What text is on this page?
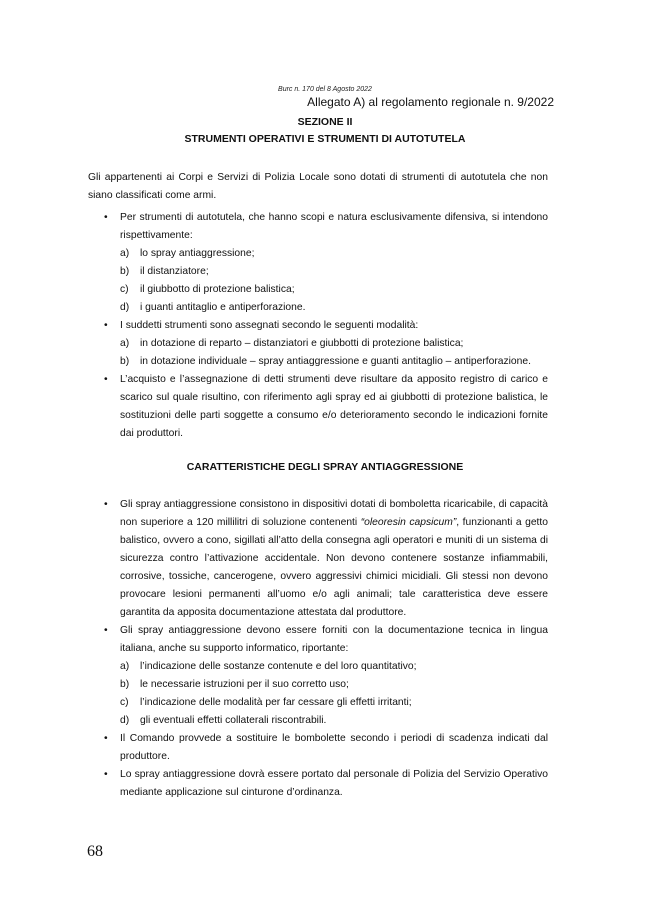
Burc n. 170 del 8 Agosto 2022
Allegato A) al regolamento regionale n. 9/2022
SEZIONE II
STRUMENTI OPERATIVI E STRUMENTI DI AUTOTUTELA
Gli appartenenti ai Corpi e Servizi di Polizia Locale sono dotati di strumenti di autotutela che non siano classificati come armi.
• Per strumenti di autotutela, che hanno scopi e natura esclusivamente difensiva, si intendono rispettivamente:
a) lo spray antiaggressione;
b) il distanziatore;
c) il giubbotto di protezione balistica;
d) i guanti antitaglio e antiperforazione.
• I suddetti strumenti sono assegnati secondo le seguenti modalità:
a) in dotazione di reparto – distanziatori e giubbotti di protezione balistica;
b) in dotazione individuale – spray antiaggressione e guanti antitaglio – antiperforazione.
• L’acquisto e l’assegnazione di detti strumenti deve risultare da apposito registro di carico e scarico sul quale risultino, con riferimento agli spray ed ai giubbotti di protezione balistica, le sostituzioni delle parti soggette a consumo e/o deterioramento secondo le indicazioni fornite dai produttori.
CARATTERISTICHE DEGLI SPRAY ANTIAGGRESSIONE
• Gli spray antiaggressione consistono in dispositivi dotati di bomboletta ricaricabile, di capacità non superiore a 120 millilitri di soluzione contenenti “oleoresin capsicum”, funzionanti a getto balistico, ovvero a cono, sigillati all’atto della consegna agli operatori e muniti di un sistema di sicurezza contro l’attivazione accidentale. Non devono contenere sostanze infiammabili, corrosive, tossiche, cancerogene, ovvero aggressivi chimici micidiali. Gli stessi non devono provocare lesioni permanenti all’uomo e/o agli animali; tale caratteristica deve essere garantita da apposita documentazione attestata dal produttore.
• Gli spray antiaggressione devono essere forniti con la documentazione tecnica in lingua italiana, anche su supporto informatico, riportante:
a) l’indicazione delle sostanze contenute e del loro quantitativo;
b) le necessarie istruzioni per il suo corretto uso;
c) l’indicazione delle modalità per far cessare gli effetti irritanti;
d) gli eventuali effetti collaterali riscontrabili.
• Il Comando provvede a sostituire le bombolette secondo i periodi di scadenza indicati dal produttore.
• Lo spray antiaggressione dovrà essere portato dal personale di Polizia del Servizio Operativo mediante applicazione sul cinturone d’ordinanza.
68
